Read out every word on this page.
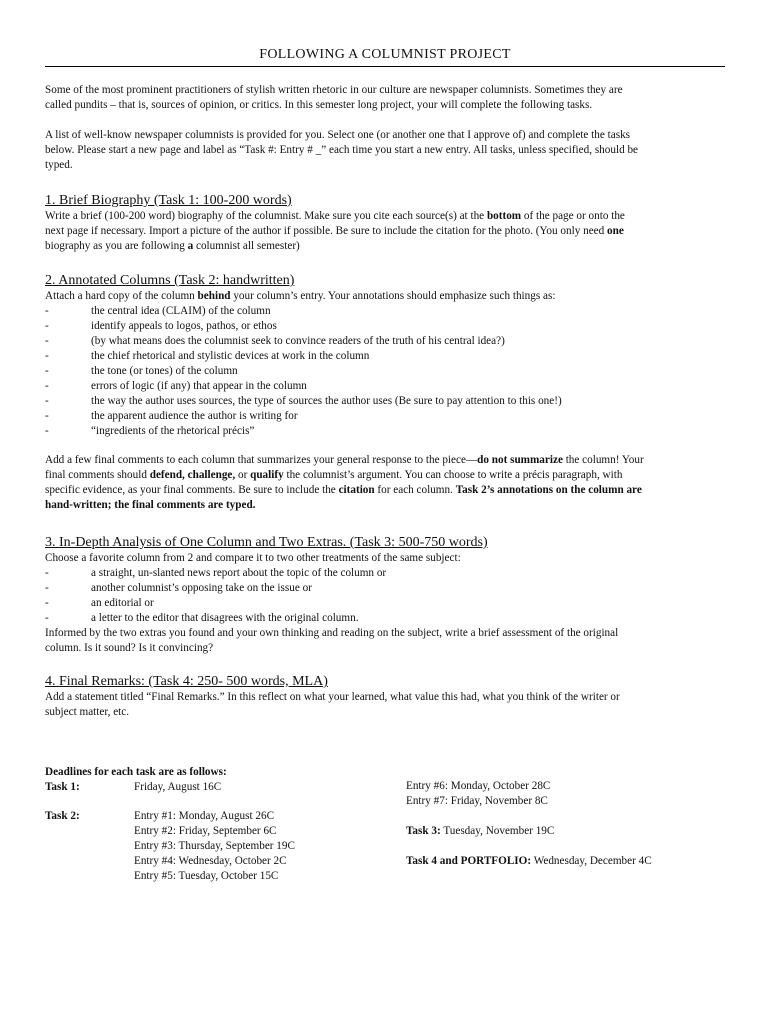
FOLLOWING A COLUMNIST PROJECT
Some of the most prominent practitioners of stylish written rhetoric in our culture are newspaper columnists. Sometimes they are
called pundits – that is, sources of opinion, or critics. In this semester long project, your will complete the following tasks.
A list of well-know newspaper columnists is provided for you. Select one (or another one that I approve of) and complete the tasks
below. Please start a new page and label as “Task #: Entry # _” each time you start a new entry. All tasks, unless specified, should be
typed.
1. Brief Biography (Task 1: 100-200 words)
Write a brief (100-200 word) biography of the columnist. Make sure you cite each source(s) at the bottom of the page or onto the
next page if necessary. Import a picture of the author if possible. Be sure to include the citation for the photo. (You only need one
biography as you are following a columnist all semester)
2. Annotated Columns (Task 2: handwritten)
Attach a hard copy of the column behind your column’s entry. Your annotations should emphasize such things as:
-	the central idea (CLAIM) of the column
-	identify appeals to logos, pathos, or ethos
-	(by what means does the columnist seek to convince readers of the truth of his central idea?)
-	the chief rhetorical and stylistic devices at work in the column
-	the tone (or tones) of the column
-	errors of logic (if any) that appear in the column
-	the way the author uses sources, the type of sources the author uses (Be sure to pay attention to this one!)
-	the apparent audience the author is writing for
-	“ingredients of the rhetorical précis”
Add a few final comments to each column that summarizes your general response to the piece—do not summarize the column! Your
final comments should defend, challenge, or qualify the columnist’s argument. You can choose to write a précis paragraph, with
specific evidence, as your final comments. Be sure to include the citation for each column. Task 2’s annotations on the column are
hand-written; the final comments are typed.
3. In-Depth Analysis of One Column and Two Extras. (Task 3: 500-750 words)
Choose a favorite column from 2 and compare it to two other treatments of the same subject:
-	a straight, un-slanted news report about the topic of the column or
-	another columnist’s opposing take on the issue or
-	an editorial or
-	a letter to the editor that disagrees with the original column.
Informed by the two extras you found and your own thinking and reading on the subject, write a brief assessment of the original
column. Is it sound? Is it convincing?
4. Final Remarks: (Task 4: 250- 500 words, MLA)
Add a statement titled “Final Remarks.” In this reflect on what your learned, what value this had, what you think of the writer or
subject matter, etc.
Deadlines for each task are as follows:
Task 1:	Friday, August 16C
Task 2:	Entry #1: Monday, August 26C
Entry #2: Friday, September 6C
Entry #3: Thursday, September 19C
Entry #4: Wednesday, October 2C
Entry #5: Tuesday, October 15C
Entry #6: Monday, October 28C
Entry #7: Friday, November 8C
Task 3: Tuesday, November 19C
Task 4 and PORTFOLIO: Wednesday, December 4C
